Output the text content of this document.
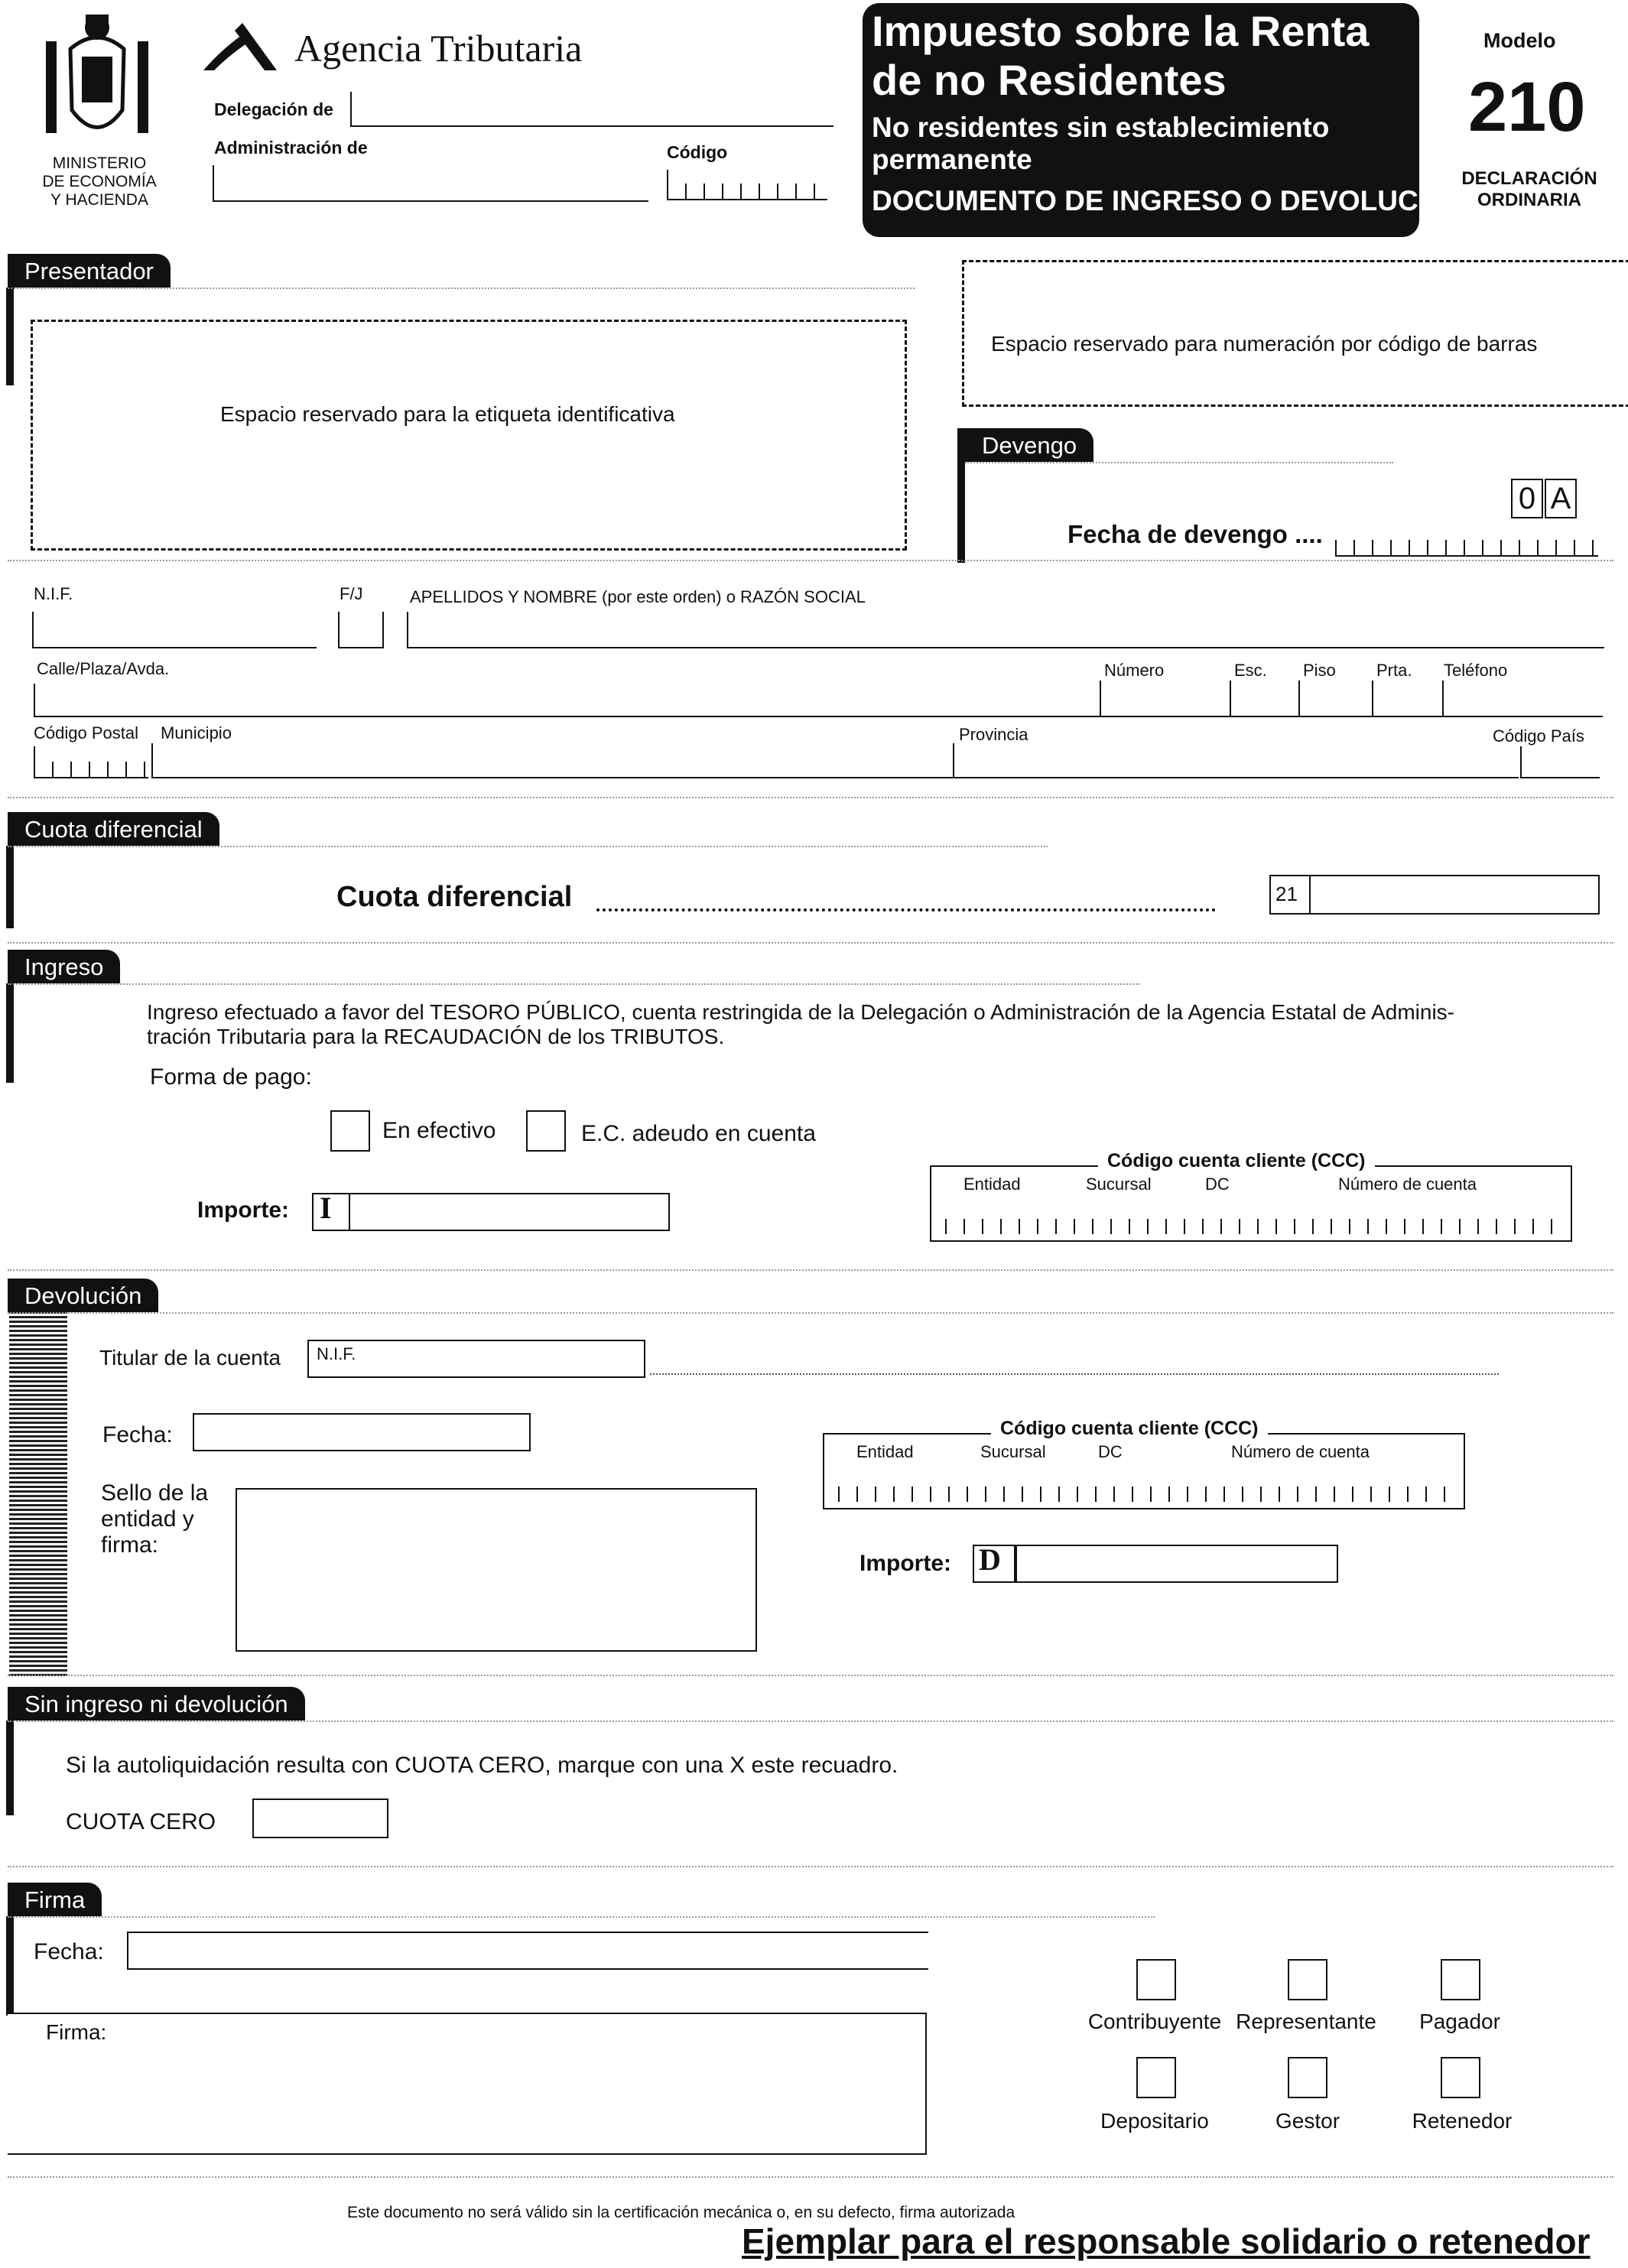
MINISTERIO
DE ECONOMÍA
Y HACIENDA
Agencia Tributaria
Delegación de
Administración de	Código
Impuesto sobre la Renta
de no Residentes
No residentes sin establecimiento
permanente
DOCUMENTO DE INGRESO O DEVOLUCIÓN
Modelo
210
DECLARACIÓN
ORDINARIA
Presentador
Espacio reservado para la etiqueta identificativa
Espacio reservado para numeración por código de barras
Devengo
0 A
Fecha de devengo ....
N.I.F.	F/J	APELLIDOS Y NOMBRE (por este orden) o RAZÓN SOCIAL
Calle/Plaza/Avda.	Número	Esc. Piso Prta. Teléfono
Código Postal Municipio	Provincia	Código País
Cuota diferencial
Cuota diferencial	21
Ingreso
Ingreso efectuado a favor del TESORO PÚBLICO, cuenta restringida de la Delegación o Administración de la Agencia Estatal de Adminis-
tración Tributaria para la RECAUDACIÓN de los TRIBUTOS.
Forma de pago:
En efectivo	E.C. adeudo en cuenta
Importe: I
Código cuenta cliente (CCC)
Entidad	Sucursal	DC	Número de cuenta
Devolución
Titular de la cuenta N.I.F.
Fecha:
Sello de la
entidad y
firma:
Código cuenta cliente (CCC)
Entidad	Sucursal	DC	Número de cuenta
Importe: D
Sin ingreso ni devolución
Si la autoliquidación resulta con CUOTA CERO, marque con una X este recuadro.
CUOTA CERO
Firma
Fecha:
Firma:	Contribuyente Representante	Pagador
Depositario	Gestor	Retenedor
Este documento no será válido sin la certificación mecánica o, en su defecto, firma autorizada
Ejemplar para el responsable solidario o retenedor
